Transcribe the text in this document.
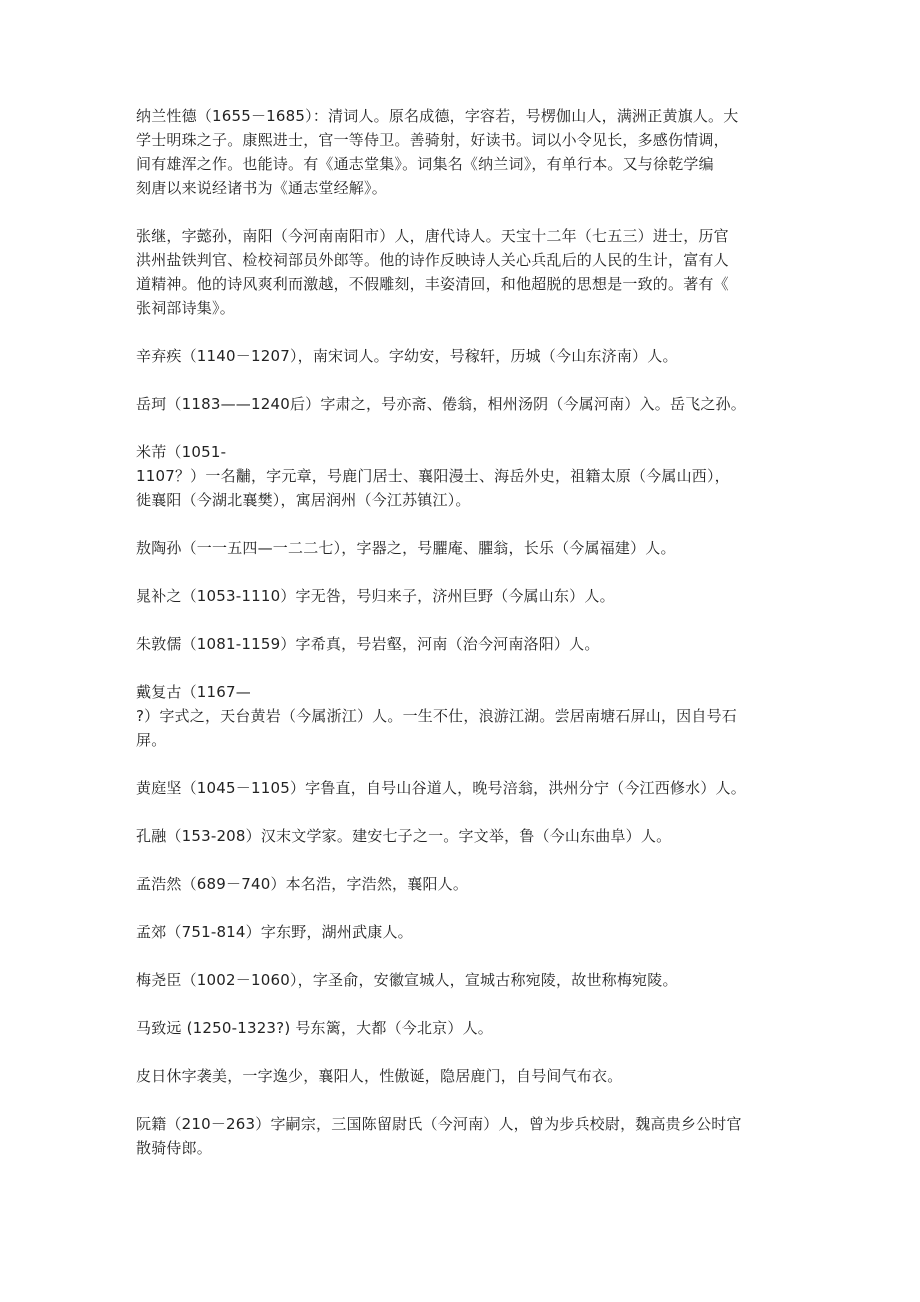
纳兰性德（1655－1685）：清词人。原名成德，字容若，号楞伽山人，满洲正黄旗人。大
学士明珠之子。康熙进士，官一等侍卫。善骑射，好读书。词以小令见长，多感伤情调，
间有雄浑之作。也能诗。有《通志堂集》。词集名《纳兰词》，有单行本。又与徐乾学编
刻唐以来说经诸书为《通志堂经解》。
张继，字懿孙，南阳（今河南南阳市）人，唐代诗人。天宝十二年（七五三）进士，历官
洪州盐铁判官、检校祠部员外郎等。他的诗作反映诗人关心兵乱后的人民的生计，富有人
道精神。他的诗风爽利而激越，不假雕刻，丰姿清回，和他超脱的思想是一致的。著有《
张祠部诗集》。
辛弃疾（1140－1207），南宋词人。字幼安，号稼轩，历城（今山东济南）人。
岳珂（1183——1240后）字肃之，号亦斋、倦翁，相州汤阴（今属河南）入。岳飞之孙。
米芾（1051-
1107？）一名黼，字元章，号鹿门居士、襄阳漫士、海岳外史，祖籍太原（今属山西），
徙襄阳（今湖北襄樊），寓居润州（今江苏镇江）。
敖陶孙（一一五四—一二二七），字器之，号臞庵、臞翁，长乐（今属福建）人。
晁补之（1053-1110）字无咎，号归来子，济州巨野（今属山东）人。
朱敦儒（1081-1159）字希真，号岩壑，河南（治今河南洛阳）人。
戴复古（1167—
?）字式之，天台黄岩（今属浙江）人。一生不仕，浪游江湖。尝居南塘石屏山，因自号石
屏。
黄庭坚（1045－1105）字鲁直，自号山谷道人，晚号涪翁，洪州分宁（今江西修水）人。
孔融（153-208）汉末文学家。建安七子之一。字文举，鲁（今山东曲阜）人。
孟浩然（689－740）本名浩，字浩然，襄阳人。
孟郊（751-814）字东野，湖州武康人。
梅尧臣（1002－1060），字圣俞，安徽宣城人，宣城古称宛陵，故世称梅宛陵。
马致远 (1250-1323?) 号东篱，大都（今北京）人。
皮日休字袭美，一字逸少，襄阳人，性傲诞，隐居鹿门，自号间气布衣。
阮籍（210－263）字嗣宗，三国陈留尉氏（今河南）人，曾为步兵校尉，魏高贵乡公时官
散骑侍郎。
